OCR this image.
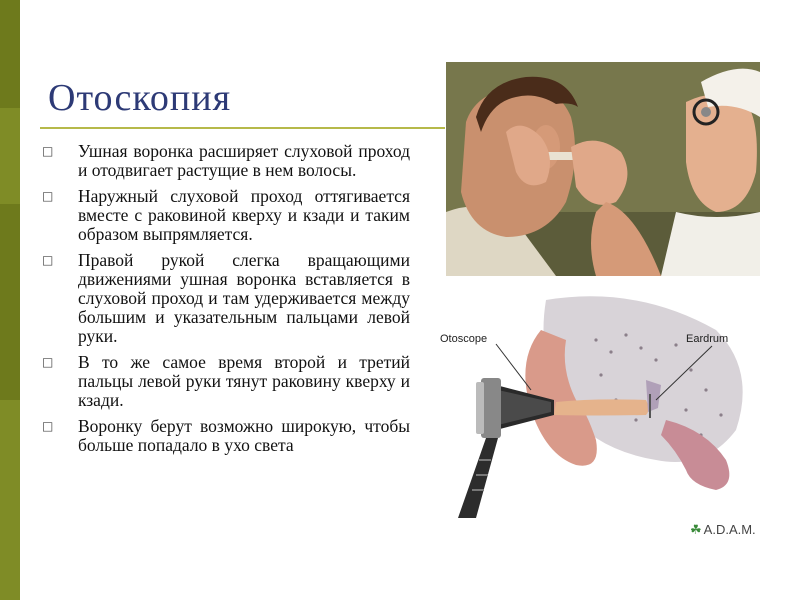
Отоскопия
□ Ушная воронка расширяет слуховой проход и отодвигает растущие в нем волосы.
□ Наружный слуховой проход оттягивается вместе с раковиной кверху и кзади и таким образом выпрямляется.
□ Правой рукой слегка вращающими движениями ушная воронка вставляется в слуховой проход и там удерживается между большим и указательным пальцами левой руки.
□ В то же самое время второй и третий пальцы левой руки тянут раковину кверху и кзади.
□ Воронку берут возможно широкую, чтобы больше попадало в ухо света
Otoscope	Eardrum
☘ A.D.A.M.
